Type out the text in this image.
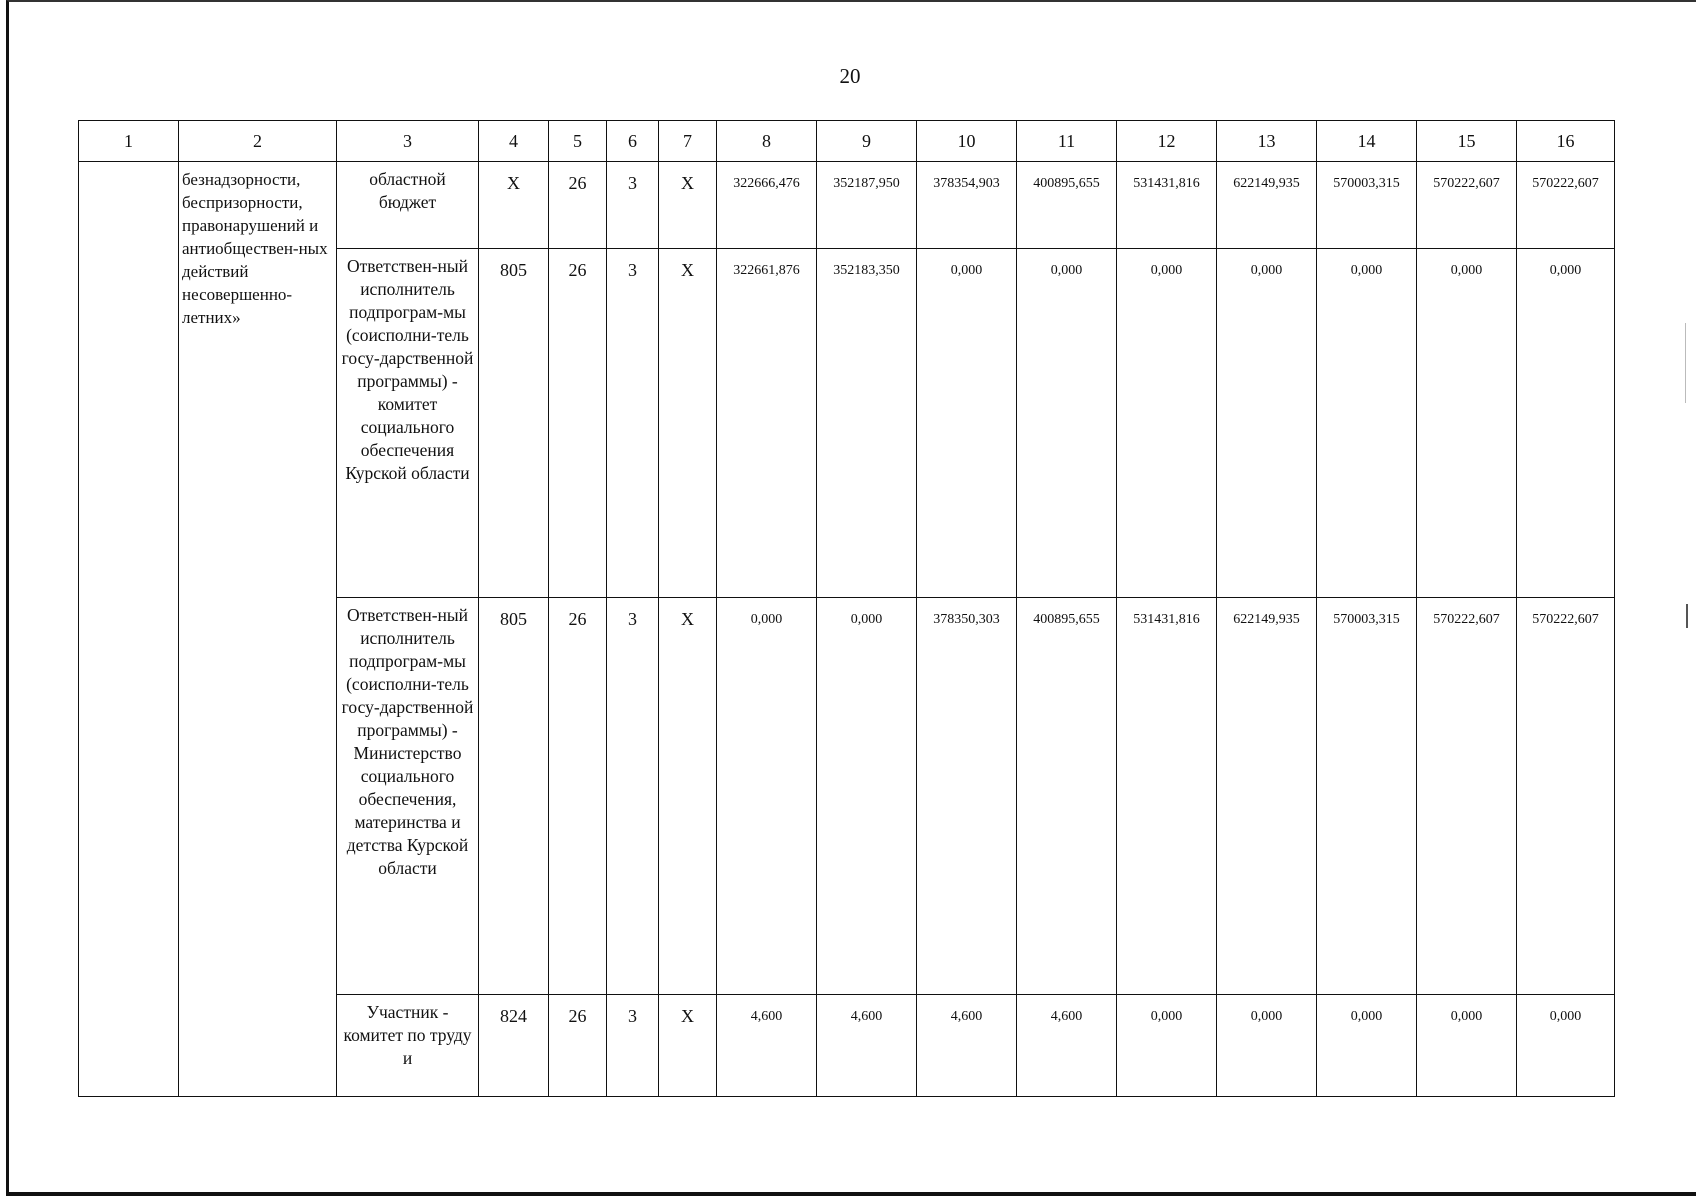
20
1	2	3	4	5	6	7	8	9	10	11	12	13	14	15	16
	безнадзорности, беспризорности, правонарушений и антиобществен-ных действий несовершенно-летних»	областной бюджет	X	26	3	X	322666,476	352187,950	378354,903	400895,655	531431,816	622149,935	570003,315	570222,607	570222,607
		Ответствен-ный исполнитель подпрограм-мы (соисполни-тель госу-дарственной программы) - комитет социального обеспечения Курской области	805	26	3	X	322661,876	352183,350	0,000	0,000	0,000	0,000	0,000	0,000	0,000
		Ответствен-ный исполнитель подпрограм-мы (соисполни-тель госу-дарственной программы) - Министерство социального обеспечения, материнства и детства Курской области	805	26	3	X	0,000	0,000	378350,303	400895,655	531431,816	622149,935	570003,315	570222,607	570222,607
		Участник - комитет по труду и	824	26	3	X	4,600	4,600	4,600	4,600	0,000	0,000	0,000	0,000	0,000
